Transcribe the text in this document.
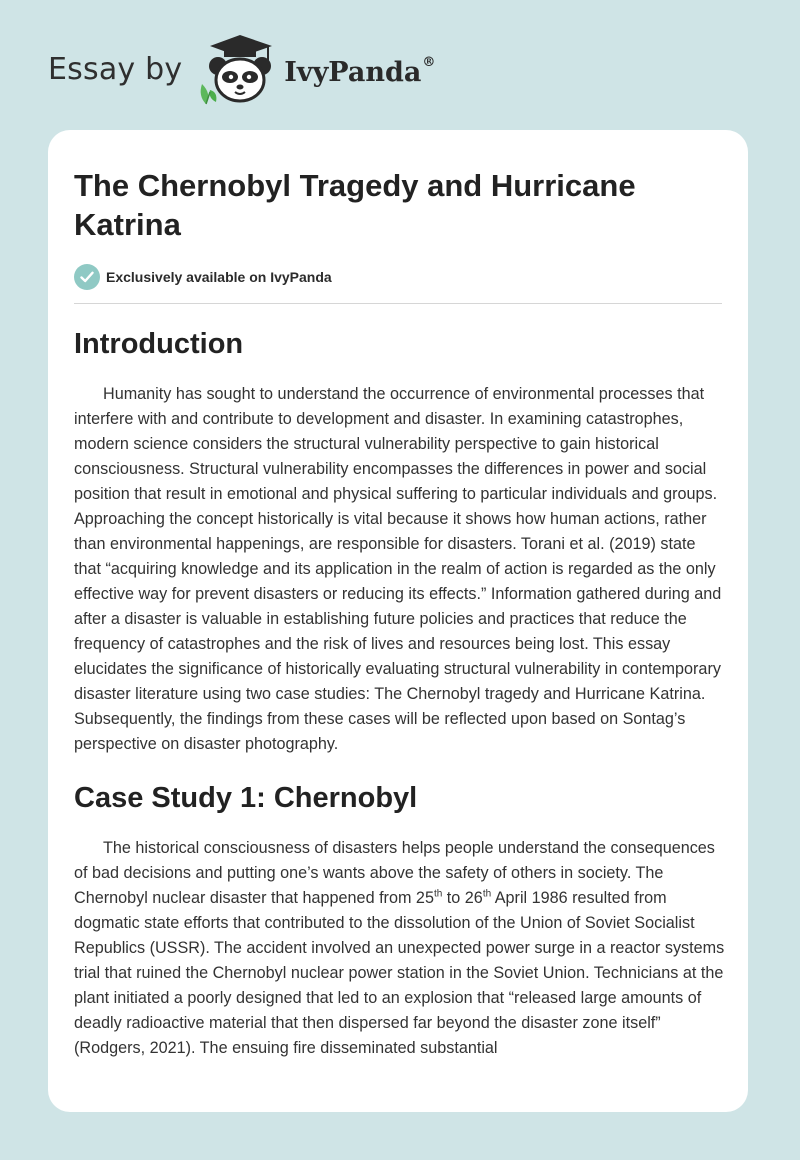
Essay by	IvyPanda®
The Chernobyl Tragedy and Hurricane Katrina
Exclusively available on IvyPanda
Introduction

Humanity has sought to understand the occurrence of environmental processes that interfere with and contribute to development and disaster. In examining catastrophes, modern science considers the structural vulnerability perspective to gain historical consciousness. Structural vulnerability encompasses the differences in power and social position that result in emotional and physical suffering to particular individuals and groups. Approaching the concept historically is vital because it shows how human actions, rather than environmental happenings, are responsible for disasters. Torani et al. (2019) state that “acquiring knowledge and its application in the realm of action is regarded as the only effective way for prevent disasters or reducing its effects.” Information gathered during and after a disaster is valuable in establishing future policies and practices that reduce the frequency of catastrophes and the risk of lives and resources being lost. This essay elucidates the significance of historically evaluating structural vulnerability in contemporary disaster literature using two case studies: The Chernobyl tragedy and Hurricane Katrina. Subsequently, the findings from these cases will be reflected upon based on Sontag’s perspective on disaster photography.

Case Study 1: Chernobyl

The historical consciousness of disasters helps people understand the consequences of bad decisions and putting one’s wants above the safety of others in society. The Chernobyl nuclear disaster that happened from 25th to 26th April 1986 resulted from dogmatic state efforts that contributed to the dissolution of the Union of Soviet Socialist Republics (USSR). The accident involved an unexpected power surge in a reactor systems trial that ruined the Chernobyl nuclear power station in the Soviet Union. Technicians at the plant initiated a poorly designed that led to an explosion that “released large amounts of deadly radioactive material that then dispersed far beyond the disaster zone itself” (Rodgers, 2021). The ensuing fire disseminated substantial
